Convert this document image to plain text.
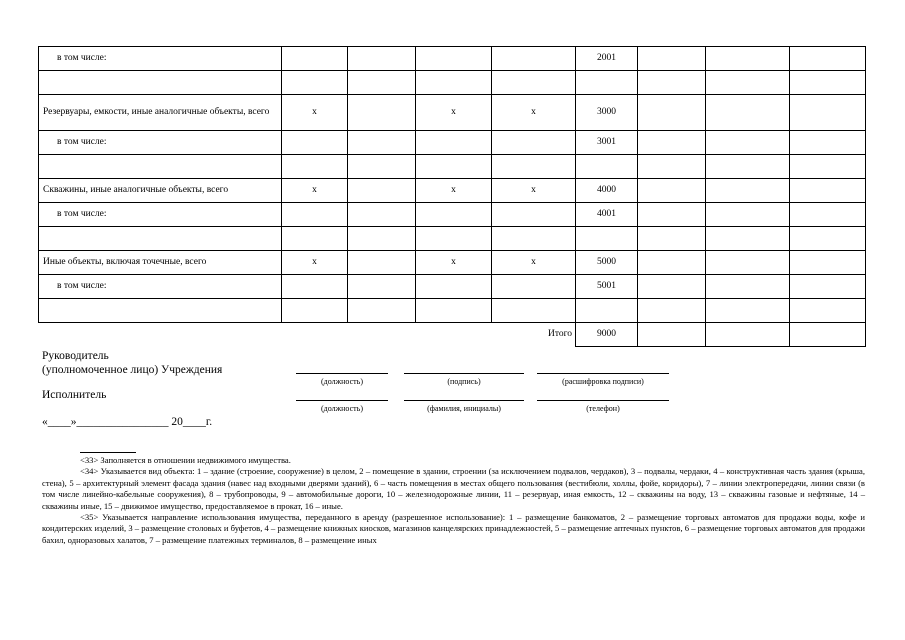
в том числе:					2001			

Резервуары, емкости, иные аналогичные объекты, всего	x		x	x	3000			
в том числе:					3001			

Скважины, иные аналогичные объекты, всего	x		x	x	4000			
в том числе:					4001			

Иные объекты, включая точечные, всего	x		x	x	5000			
в том числе:					5001			

Итого					9000			
Руководитель
(уполномоченное лицо) Учреждения
(должность)	(подпись)	(расшифровка подписи)
Исполнитель
(должность)	(фамилия, инициалы)	(телефон)
«____»________________ 20____г.

<33> Заполняется в отношении недвижимого имущества.

<34> Указывается вид объекта: 1 – здание (строение, сооружение) в целом, 2 – помещение в здании, строении (за исключением подвалов, чердаков), 3 – подвалы, чердаки, 4 – конструктивная часть здания (крыша, стена), 5 – архитектурный элемент фасада здания (навес над входными дверями зданий), 6 – часть помещения в местах общего пользования (вестибюли, холлы, фойе, коридоры), 7 – линии электропередачи, линии связи (в том числе линейно-кабельные сооружения), 8 – трубопроводы, 9 – автомобильные дороги, 10 – железнодорожные линии, 11 – резервуар, иная емкость, 12 – скважины на воду, 13 – скважины газовые и нефтяные, 14 – скважины иные, 15 – движимое имущество, предоставляемое в прокат, 16 – иные.

<35> Указывается направление использования имущества, переданного в аренду (разрешенное использование): 1 – размещение банкоматов, 2 – размещение торговых автоматов для продажи воды, кофе и кондитерских изделий, 3 – размещение столовых и буфетов, 4 – размещение книжных киосков, магазинов канцелярских принадлежностей, 5 – размещение аптечных пунктов, 6 – размещение торговых автоматов для продажи бахил, одноразовых халатов, 7 – размещение платежных терминалов, 8 – размещение иных
